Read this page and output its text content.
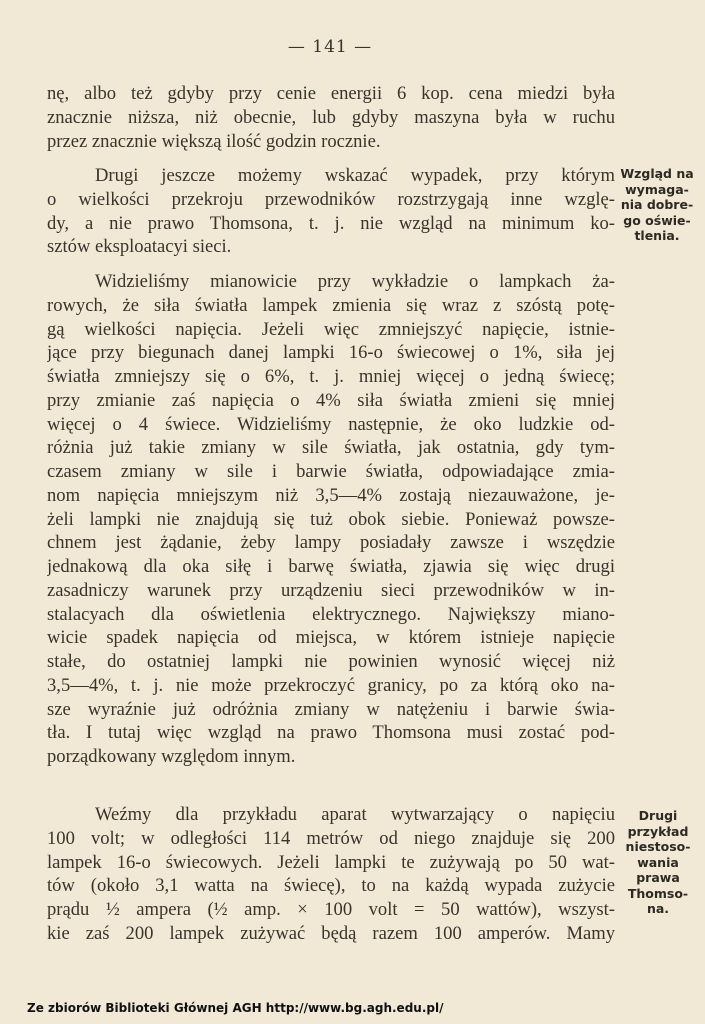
— 141 —
nę, albo też gdyby przy cenie energii 6 kop. cena miedzi była
znacznie niższa, niż obecnie, lub gdyby maszyna była w ruchu
przez znacznie większą ilość godzin rocznie.
Drugi jeszcze możemy wskazać wypadek, przy którym
o wielkości przekroju przewodników rozstrzygają inne wzglę-
dy, a nie prawo Thomsona, t. j. nie wzgląd na minimum ko-
sztów eksploatacyi sieci.
Widzieliśmy mianowicie przy wykładzie o lampkach ża-
rowych, że siła światła lampek zmienia się wraz z szóstą potę-
gą wielkości napięcia. Jeżeli więc zmniejszyć napięcie, istnie-
jące przy biegunach danej lampki 16-o świecowej o 1%, siła jej
światła zmniejszy się o 6%, t. j. mniej więcej o jedną świecę;
przy zmianie zaś napięcia o 4% siła światła zmieni się mniej
więcej o 4 świece. Widzieliśmy następnie, że oko ludzkie od-
różnia już takie zmiany w sile światła, jak ostatnia, gdy tym-
czasem zmiany w sile i barwie światła, odpowiadające zmia-
nom napięcia mniejszym niż 3,5—4% zostają niezauważone, je-
żeli lampki nie znajdują się tuż obok siebie. Ponieważ powsze-
chnem jest żądanie, żeby lampy posiadały zawsze i wszędzie
jednakową dla oka siłę i barwę światła, zjawia się więc drugi
zasadniczy warunek przy urządzeniu sieci przewodników w in-
stalacyach dla oświetlenia elektrycznego. Największy miano-
wicie spadek napięcia od miejsca, w którem istnieje napięcie
stałe, do ostatniej lampki nie powinien wynosić więcej niż
3,5—4%, t. j. nie może przekroczyć granicy, po za którą oko na-
sze wyraźnie już odróżnia zmiany w natężeniu i barwie świa-
tła. I tutaj więc wzgląd na prawo Thomsona musi zostać pod-
porządkowany względom innym.
Weźmy dla przykładu aparat wytwarzający o napięciu
100 volt; w odległości 114 metrów od niego znajduje się 200
lampek 16-o świecowych. Jeżeli lampki te zużywają po 50 wat-
tów (około 3,1 watta na świecę), to na każdą wypada zużycie
prądu ½ ampera (½ amp. × 100 volt = 50 wattów), wszyst-
kie zaś 200 lampek zużywać będą razem 100 amperów. Mamy
Wzgląd na
wymaga-
nia dobre-
go oświe-
tlenia.
Drugi
przykład
niestoso-
wania
prawa
Thomso-
na.
Ze zbiorów Biblioteki Głównej AGH http://www.bg.agh.edu.pl/
